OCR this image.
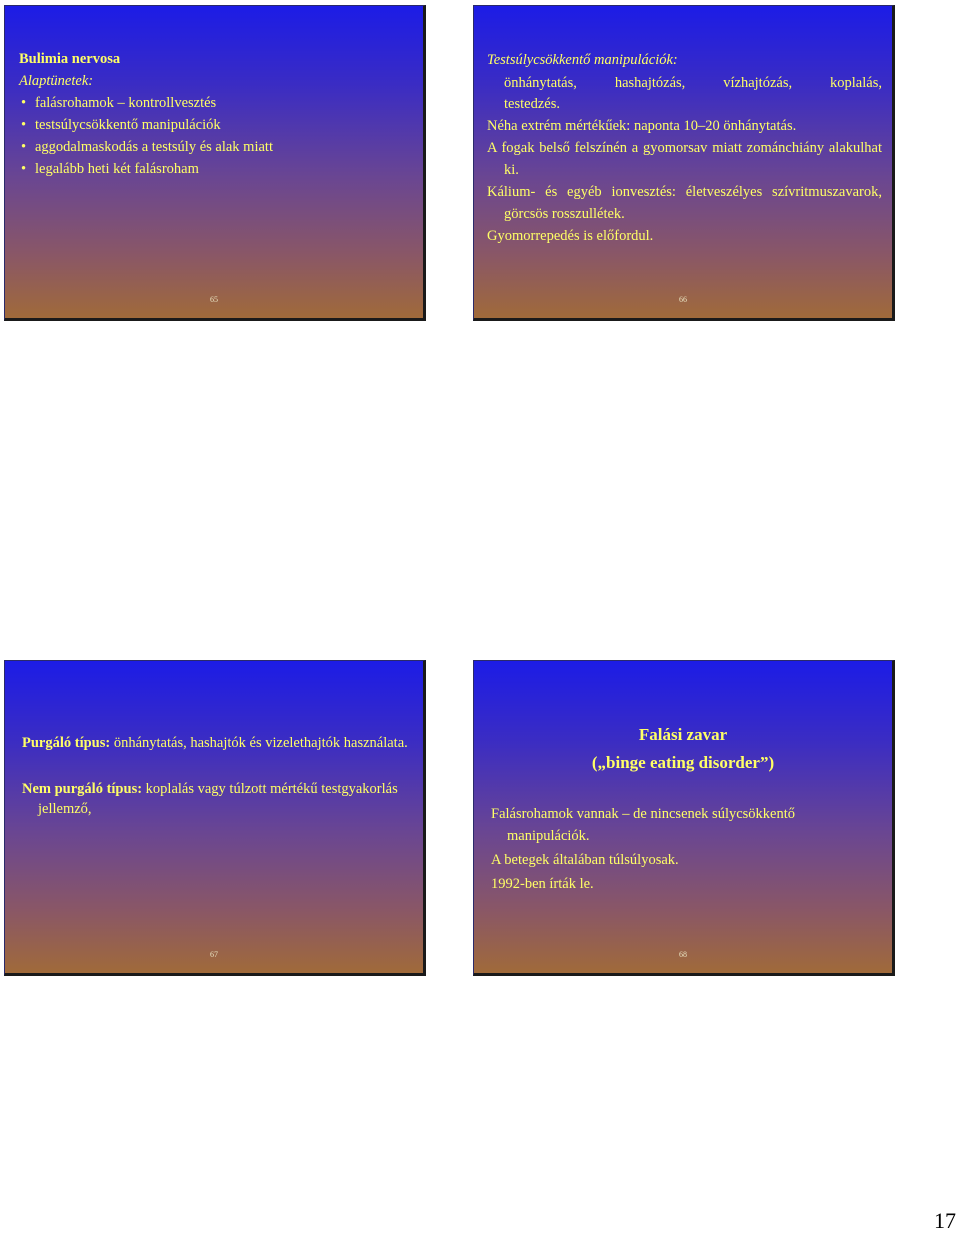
Bulimia nervosa
Alaptünetek:
• falásrohamok – kontrollvesztés
• testsúlycsökkentő manipulációk
• aggodalmaskodás a testsúly és alak miatt
• legalább heti két falásroham
65

Testsúlycsökkentő manipulációk:

önhánytatás,	hashajtózás,	vízhajtózás,	koplalás,
testedzés.

Néha extrém mértékűek: naponta 10–20 önhánytatás.

A fogak belső felszínén a gyomorsav miatt zománchiány alakulhat ki.

Kálium- és egyéb ionvesztés: életveszélyes szívritmuszavarok, görcsös rosszullétek.

Gyomorrepedés is előfordul.

66

Purgáló típus: önhánytatás, hashajtók és vizelethajtók használata.

Nem purgáló típus: koplalás vagy túlzott mértékű testgyakorlás jellemző,

67
Falási zavar
(„binge eating disorder”)

Falásrohamok vannak – de nincsenek súlycsökkentő manipulációk.

A betegek általában túlsúlyosak.

1992-ben írták le.

68
17
